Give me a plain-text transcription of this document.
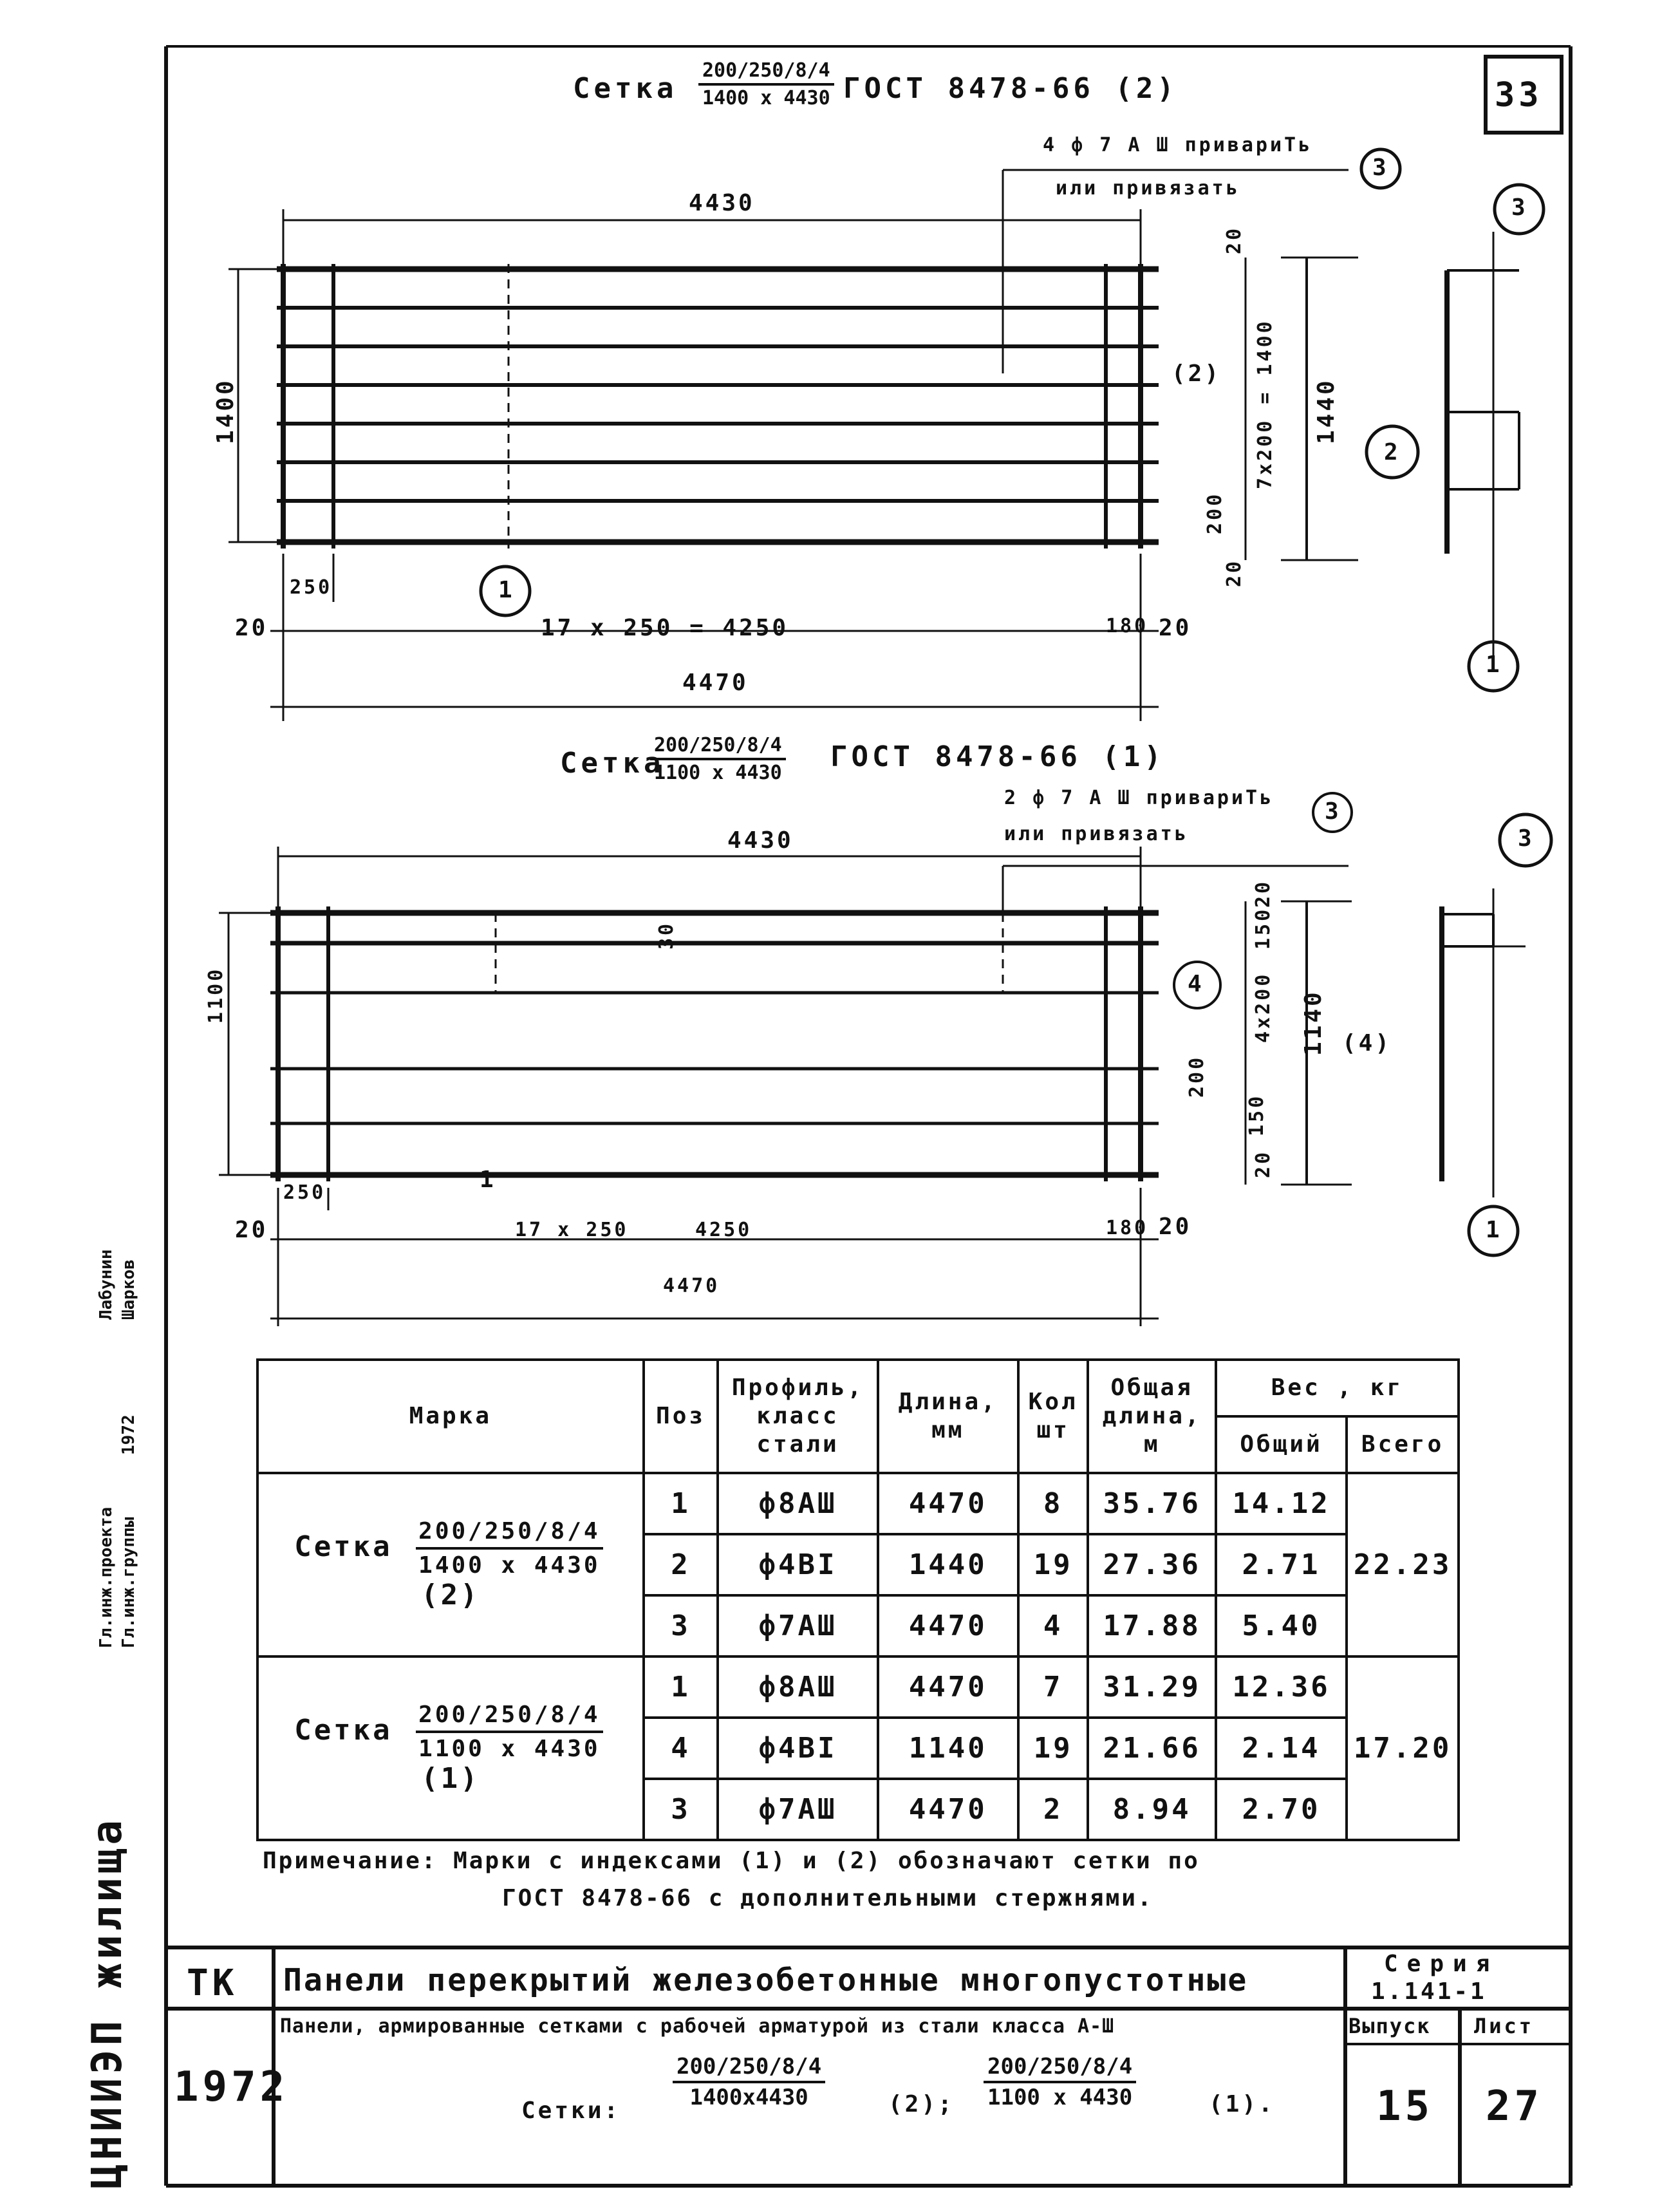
33
Сетка $\frac{200/250/8/4}{1400 x 4430}$ ГОСТ 8478-66 (2)
4 ф 7 А Ш привариТь
или привязать
3
4430
1400
250
20	17 x 250 = 4250	180 20
4470
1
(2)
20
7x200 = 1400 1440
200
20
2
3
1
Сетка
$\frac{200/250/8/4}{1100 x 4430}$ ГОСТ 8478-66 (1)
2 ф 7 А Ш привариТь
или привязать
3
4430
1100
30
250
20	17 x 250	4250	180 20
4470
1
4
20
150
4x200 1140
200
150
20
(4)
3
1
Марка	Поз	Профиль, класс стали	Длина, мм	Кол шт	Общая длина, м	Вес , кг	
						Общий	Всего
Сетка $\frac{200/250/8/4}{1400 x 4430}$
(2)	1	ф8АШ	4470	8	35.76	14.12	22.23
	2	ф4ВI	1440	19	27.36	2.71	
	3	ф7АШ	4470	4	17.88	5.40	
Сетка $\frac{200/250/8/4}{1100 x 4430}$
(1)	1	ф8АШ	4470	7	31.29	12.36	17.20
	4	ф4ВI	1140	19	21.66	2.14	
	3	ф7АШ	4470	2	8.94	2.70	
Примечание: Марки с индексами (1) и (2) обозначают сетки по
ГОСТ 8478-66 с дополнительными стержнями.
ТК
1972
Панели перекрытий железобетонные многопустотные	Серия
1.141-1
Панели, армированные сетками с рабочей арматурой из стали класса А-Ш
Сетки:
$\frac{200/250/8/4}{1400x4430}$	(2); $\frac{200/250/8/4}{1100 x 4430}$	(1).
Выпуск
15
Лист
27
ЦНИИЭП жилища
Гл.инж.проекта Гл.инж.группы
Лабунин Шарков
1972
